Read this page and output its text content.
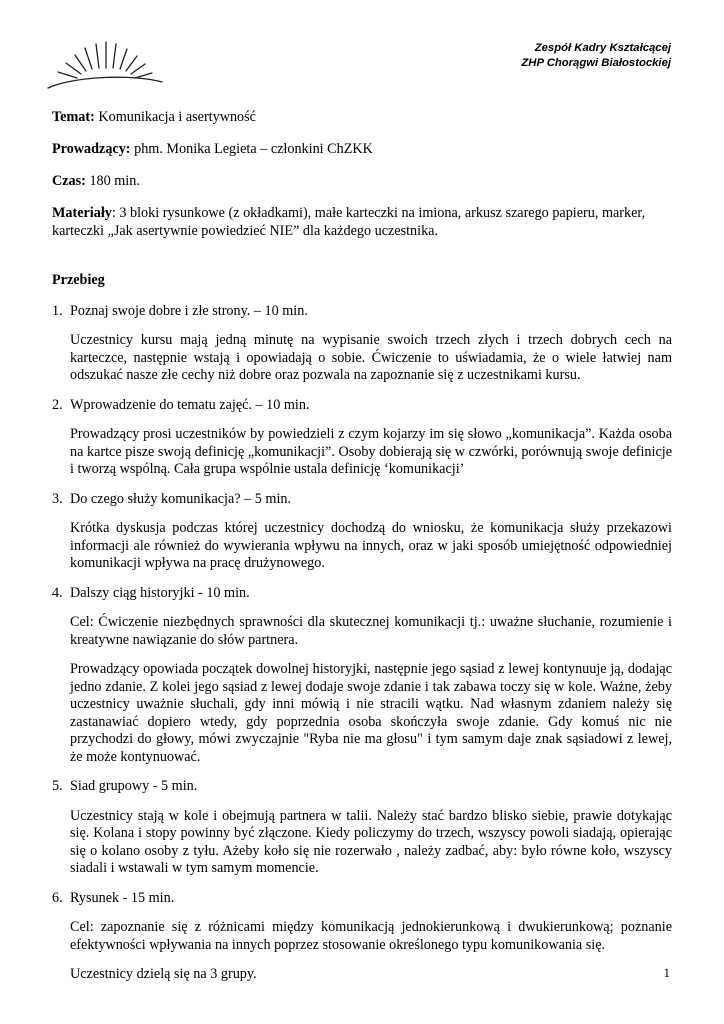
Zespół Kadry Kształcącej
ZHP Chorągwi Białostockiej
Temat: Komunikacja i asertywność
Prowadzący: phm. Monika Legieta – członkini ChZKK
Czas: 180 min.
Materiały: 3 bloki rysunkowe (z okładkami), małe karteczki na imiona, arkusz szarego papieru, marker, karteczki „Jak asertywnie powiedzieć NIE” dla każdego uczestnika.
Przebieg
1. Poznaj swoje dobre i złe strony. – 10 min.

Uczestnicy kursu mają jedną minutę na wypisanie swoich trzech złych i trzech dobrych cech na karteczce, następnie wstają i opowiadają o sobie. Ćwiczenie to uświadamia, że o wiele łatwiej nam odszukać nasze złe cechy niż dobre oraz pozwala na zapoznanie się z uczestnikami kursu.

2. Wprowadzenie do tematu zajęć. – 10 min.

Prowadzący prosi uczestników by powiedzieli z czym kojarzy im się słowo „komunikacja”. Każda osoba na kartce pisze swoją definicję „komunikacji”. Osoby dobierają się w czwórki, porównują swoje definicje i tworzą wspólną. Cała grupa wspólnie ustala definicję ‘komunikacji’

3. Do czego służy komunikacja? – 5 min.

Krótka dyskusja podczas której uczestnicy dochodzą do wniosku, że komunikacja służy przekazowi informacji ale również do wywierania wpływu na innych, oraz w jaki sposób umiejętność odpowiedniej komunikacji wpływa na pracę drużynowego.

4. Dalszy ciąg historyjki - 10 min.

Cel: Ćwiczenie niezbędnych sprawności dla skutecznej komunikacji tj.: uważne słuchanie, rozumienie i kreatywne nawiązanie do słów partnera.

Prowadzący opowiada początek dowolnej historyjki, następnie jego sąsiad z lewej kontynuuje ją, dodając jedno zdanie. Z kolei jego sąsiad z lewej dodaje swoje zdanie i tak zabawa toczy się w kole. Ważne, żeby uczestnicy uważnie słuchali, gdy inni mówią i nie stracili wątku. Nad własnym zdaniem należy się zastanawiać dopiero wtedy, gdy poprzednia osoba skończyła swoje zdanie. Gdy komuś nic nie przychodzi do głowy, mówi zwyczajnie "Ryba nie ma głosu" i tym samym daje znak sąsiadowi z lewej, że może kontynuować.

5. Siad grupowy - 5 min.

Uczestnicy stają w kole i obejmują partnera w talii. Należy stać bardzo blisko siebie, prawie dotykając się. Kolana i stopy powinny być złączone. Kiedy policzymy do trzech, wszyscy powoli siadają, opierając się o kolano osoby z tyłu. Ażeby koło się nie rozerwało , należy zadbać, aby: było równe koło, wszyscy siadali i wstawali w tym samym momencie.

6. Rysunek - 15 min.

Cel: zapoznanie się z różnicami między komunikacją jednokierunkową i dwukierunkową; poznanie efektywności wpływania na innych poprzez stosowanie określonego typu komunikowania się.

Uczestnicy dzielą się na 3 grupy.	1
